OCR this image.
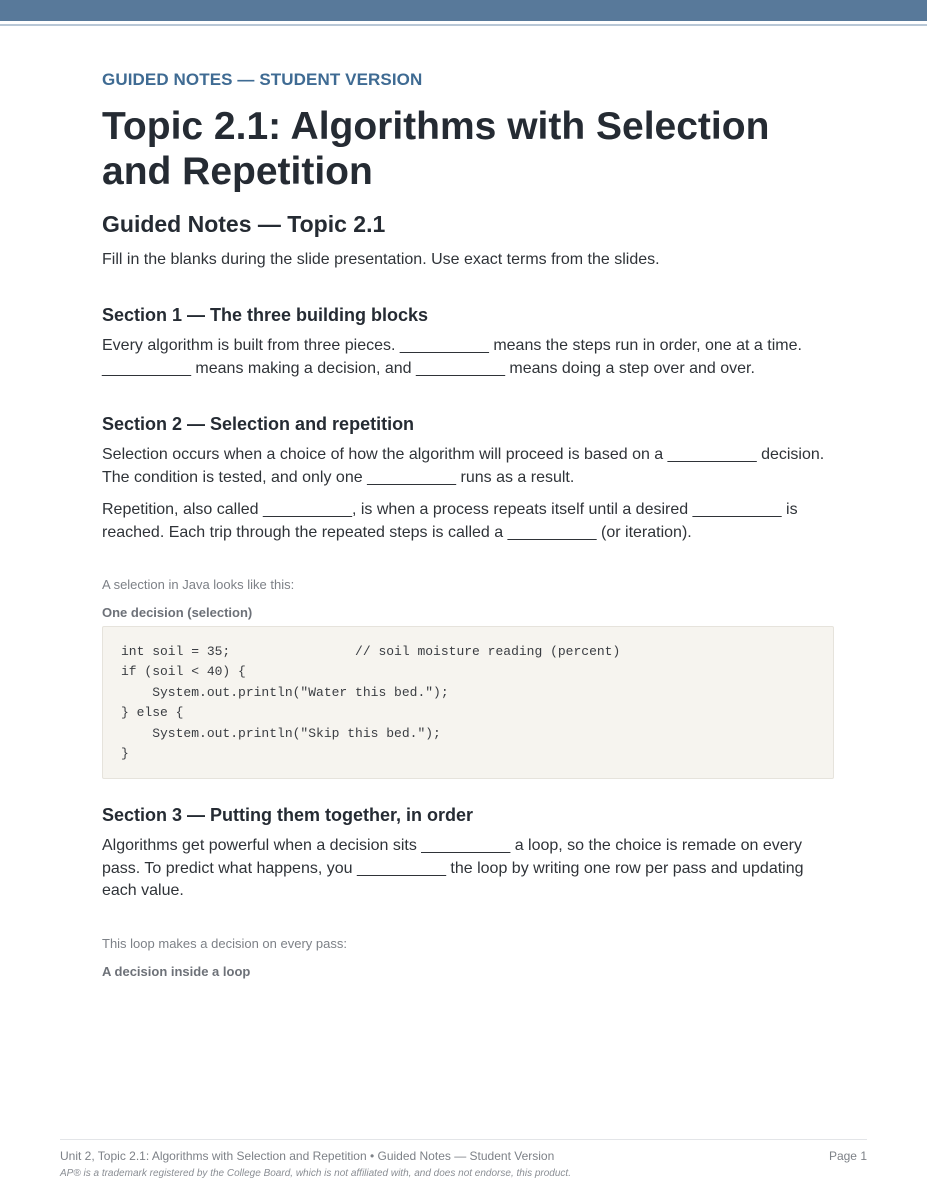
GUIDED NOTES — STUDENT VERSION
Topic 2.1: Algorithms with Selection and Repetition
Guided Notes — Topic 2.1

Fill in the blanks during the slide presentation. Use exact terms from the slides.

Section 1 — The three building blocks

Every algorithm is built from three pieces. __________ means the steps run in order, one at a time. __________ means making a decision, and __________ means doing a step over and over.

Section 2 — Selection and repetition

Selection occurs when a choice of how the algorithm will proceed is based on a __________ decision. The condition is tested, and only one __________ runs as a result.

Repetition, also called __________, is when a process repeats itself until a desired __________ is reached. Each trip through the repeated steps is called a __________ (or iteration).

A selection in Java looks like this:
One decision (selection)
int soil = 35;                // soil moisture reading (percent)
if (soil < 40) {
System.out.println("Water this bed.");
} else {
System.out.println("Skip this bed.");
}
Section 3 — Putting them together, in order

Algorithms get powerful when a decision sits __________ a loop, so the choice is remade on every pass. To predict what happens, you __________ the loop by writing one row per pass and updating each value.

This loop makes a decision on every pass:
A decision inside a loop
Unit 2, Topic 2.1: Algorithms with Selection and Repetition • Guided Notes — Student Version	Page 1
AP® is a trademark registered by the College Board, which is not affiliated with, and does not endorse, this product.
